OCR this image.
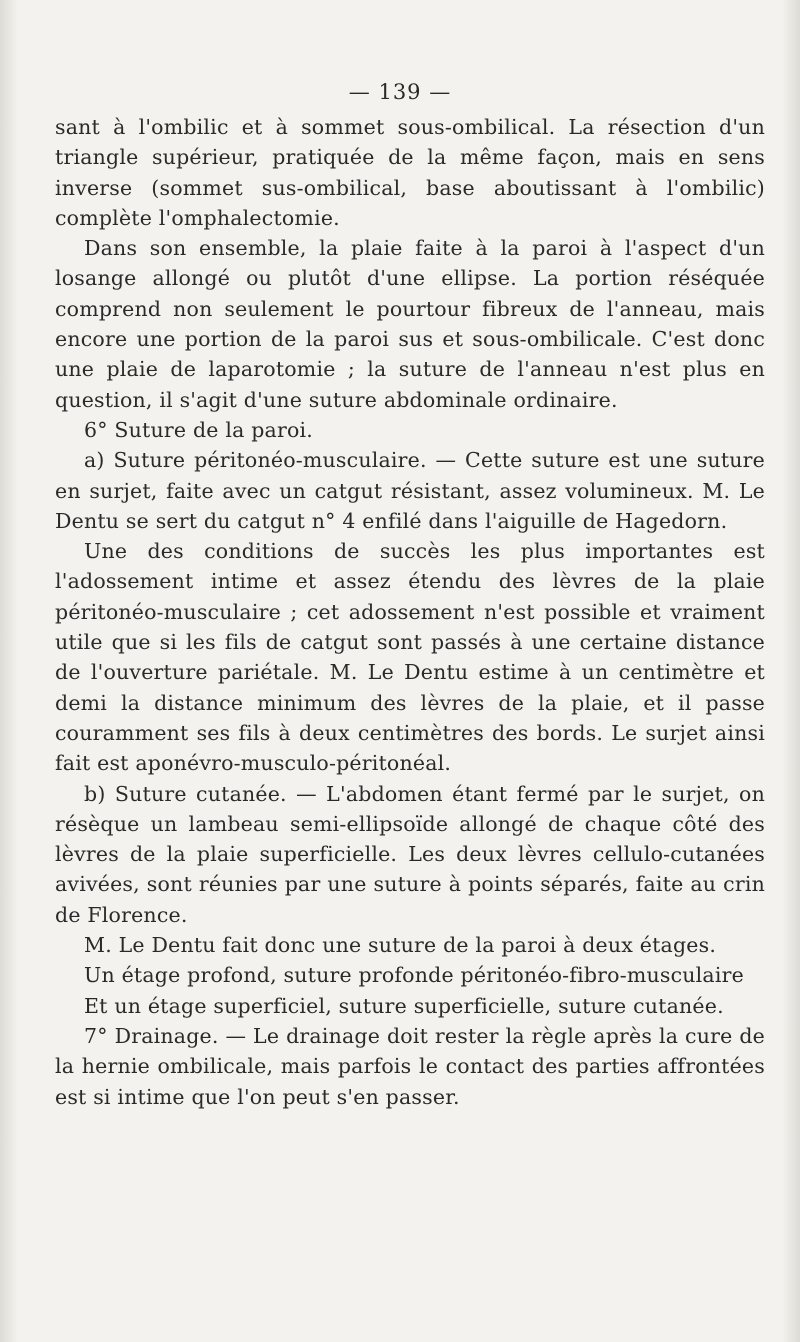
— 139 —

sant à l'ombilic et à sommet sous-ombilical. La résection d'un triangle supérieur, pratiquée de la même façon, mais en sens inverse (sommet sus-ombilical, base aboutissant à l'ombilic) complète l'omphalectomie.

Dans son ensemble, la plaie faite à la paroi à l'aspect d'un losange allongé ou plutôt d'une ellipse. La portion réséquée comprend non seulement le pourtour fibreux de l'anneau, mais encore une portion de la paroi sus et sous-ombilicale. C'est donc une plaie de laparotomie ; la suture de l'anneau n'est plus en question, il s'agit d'une suture abdominale ordinaire.

6° Suture de la paroi.

a) Suture péritonéo-musculaire. — Cette suture est une suture en surjet, faite avec un catgut résistant, assez volumineux. M. Le Dentu se sert du catgut n° 4 enfilé dans l'aiguille de Hagedorn.

Une des conditions de succès les plus importantes est l'adossement intime et assez étendu des lèvres de la plaie péritonéo-musculaire ; cet adossement n'est possible et vraiment utile que si les fils de catgut sont passés à une certaine distance de l'ouverture pariétale. M. Le Dentu estime à un centimètre et demi la distance minimum des lèvres de la plaie, et il passe couramment ses fils à deux centimètres des bords. Le surjet ainsi fait est aponévro-musculo-péritonéal.

b) Suture cutanée. — L'abdomen étant fermé par le surjet, on résèque un lambeau semi-ellipsoïde allongé de chaque côté des lèvres de la plaie superficielle. Les deux lèvres cellulo-cutanées avivées, sont réunies par une suture à points séparés, faite au crin de Florence.

M. Le Dentu fait donc une suture de la paroi à deux étages.

Un étage profond, suture profonde péritonéo-fibro-musculaire

Et un étage superficiel, suture superficielle, suture cutanée.

7° Drainage. — Le drainage doit rester la règle après la cure de la hernie ombilicale, mais parfois le contact des parties affrontées est si intime que l'on peut s'en passer.
